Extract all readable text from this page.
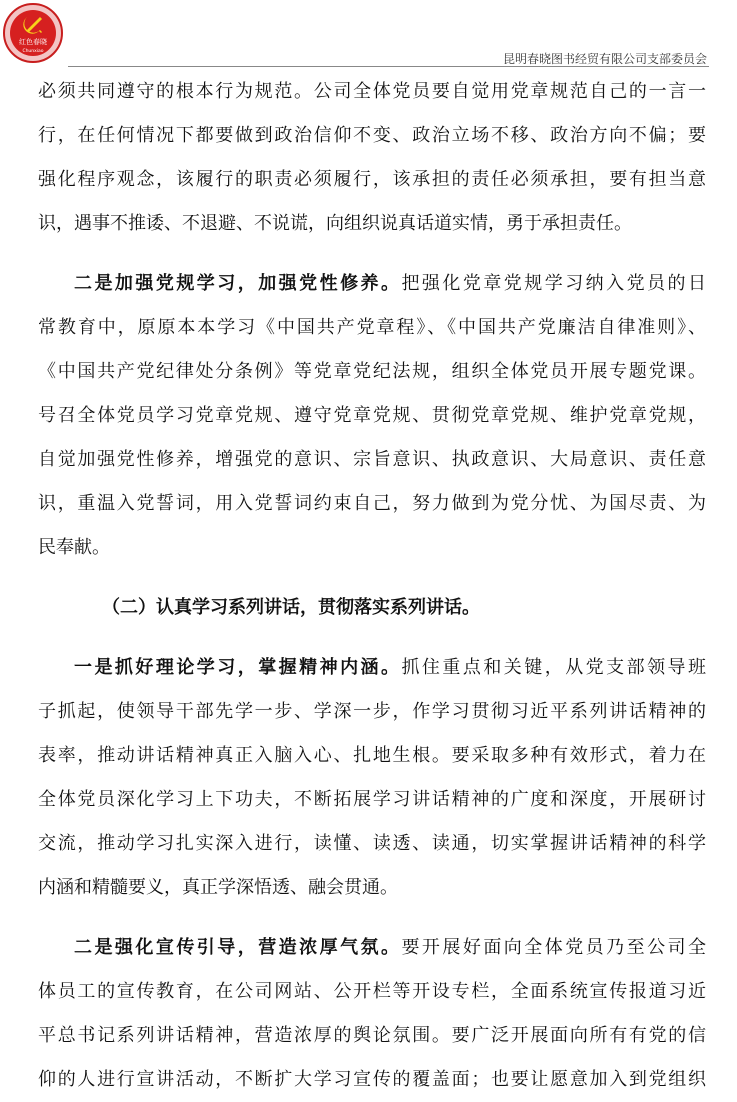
红色春晓
Chunxiao
昆明春晓图书经贸有限公司支部委员会
必须共同遵守的根本行为规范。公司全体党员要自觉用党章规范自己的一言一
行，在任何情况下都要做到政治信仰不变、政治立场不移、政治方向不偏；要
强化程序观念，该履行的职责必须履行，该承担的责任必须承担，要有担当意
识，遇事不推诿、不退避、不说谎，向组织说真话道实情，勇于承担责任。
二是加强党规学习，加强党性修养。把强化党章党规学习纳入党员的日
常教育中，原原本本学习《中国共产党章程》、《中国共产党廉洁自律准则》、
《中国共产党纪律处分条例》等党章党纪法规，组织全体党员开展专题党课。
号召全体党员学习党章党规、遵守党章党规、贯彻党章党规、维护党章党规，
自觉加强党性修养，增强党的意识、宗旨意识、执政意识、大局意识、责任意
识，重温入党誓词，用入党誓词约束自己，努力做到为党分忧、为国尽责、为
民奉献。
（二）认真学习系列讲话，贯彻落实系列讲话。
一是抓好理论学习，掌握精神内涵。抓住重点和关键，从党支部领导班
子抓起，使领导干部先学一步、学深一步，作学习贯彻习近平系列讲话精神的
表率，推动讲话精神真正入脑入心、扎地生根。要采取多种有效形式，着力在
全体党员深化学习上下功夫，不断拓展学习讲话精神的广度和深度，开展研讨
交流，推动学习扎实深入进行，读懂、读透、读通，切实掌握讲话精神的科学
内涵和精髓要义，真正学深悟透、融会贯通。
二是强化宣传引导，营造浓厚气氛。要开展好面向全体党员乃至公司全
体员工的宣传教育，在公司网站、公开栏等开设专栏，全面系统宣传报道习近
平总书记系列讲话精神，营造浓厚的舆论氛围。要广泛开展面向所有有党的信
仰的人进行宣讲活动，不断扩大学习宣传的覆盖面；也要让愿意加入到党组织
